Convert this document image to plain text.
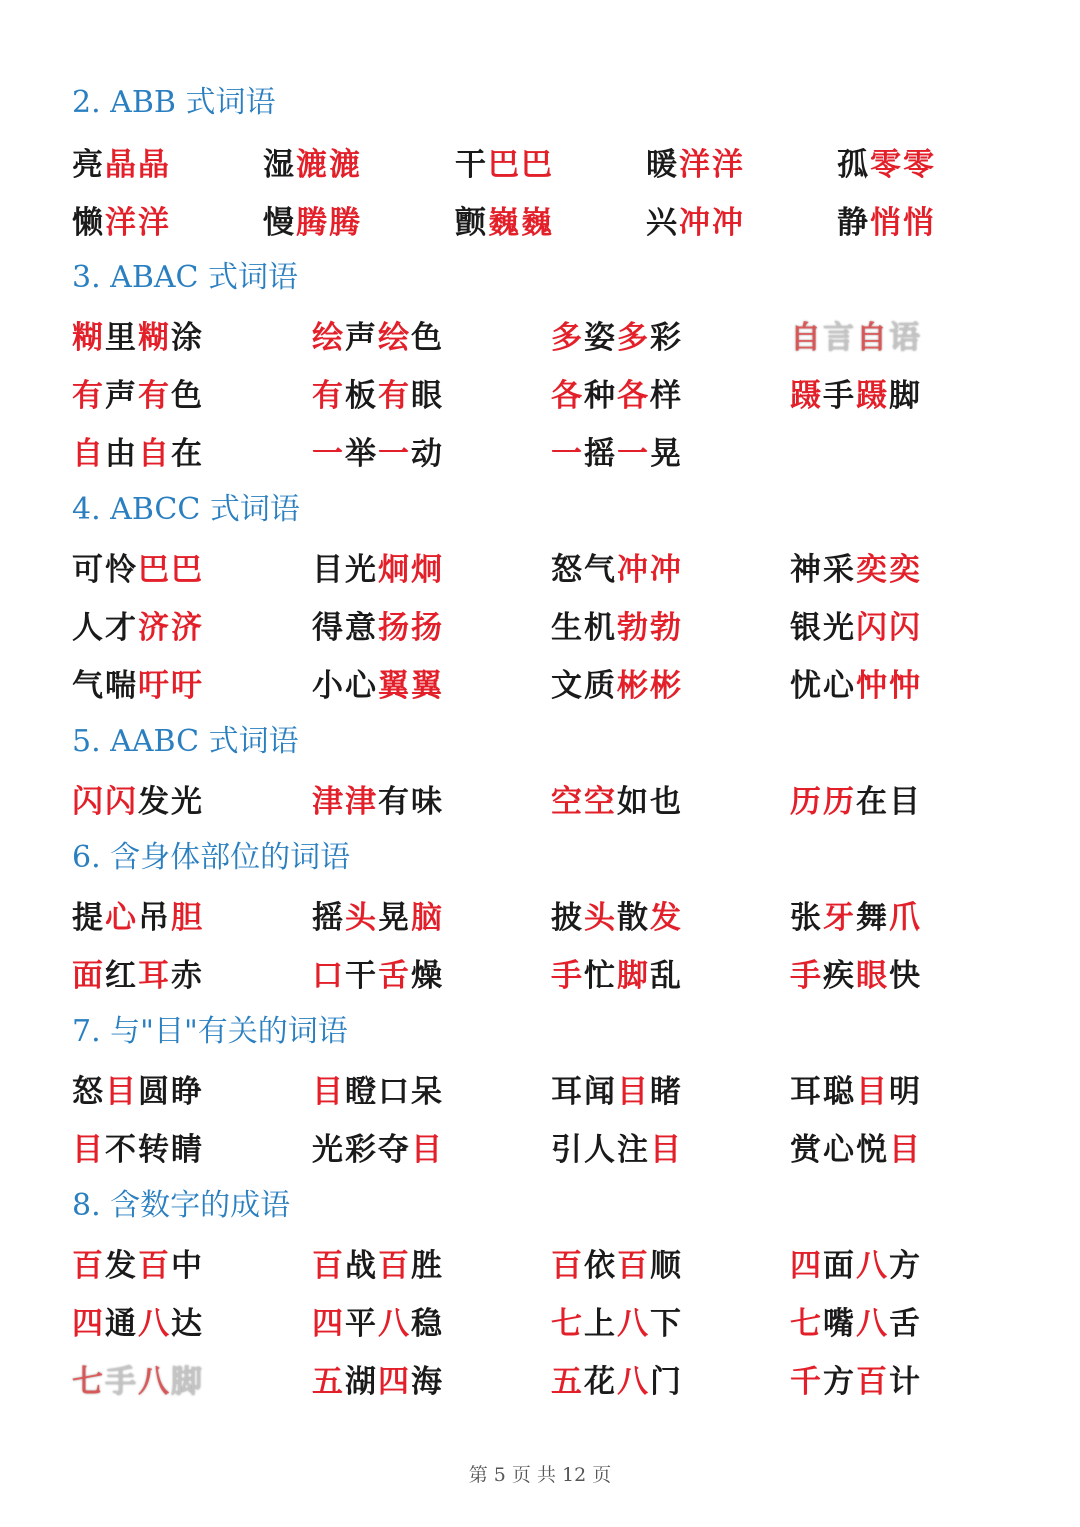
2. ABB 式词语
亮晶晶	湿漉漉	干巴巴	暖洋洋	孤零零
懒洋洋	慢腾腾	颤巍巍	兴冲冲	静悄悄
3. ABAC 式词语
糊里糊涂	绘声绘色	多姿多彩	自言自语
有声有色	有板有眼	各种各样	蹑手蹑脚
自由自在	一举一动	一摇一晃
4. ABCC 式词语
可怜巴巴	目光炯炯	怒气冲冲	神采奕奕
人才济济	得意扬扬	生机勃勃	银光闪闪
气喘吁吁	小心翼翼	文质彬彬	忧心忡忡
5. AABC 式词语
闪闪发光	津津有味	空空如也	历历在目
6. 含身体部位的词语
提心吊胆	摇头晃脑	披头散发	张牙舞爪
面红耳赤	口干舌燥	手忙脚乱	手疾眼快
7. 与"目"有关的词语
怒目圆睁	目瞪口呆	耳闻目睹	耳聪目明
目不转睛	光彩夺目	引人注目	赏心悦目
8. 含数字的成语
百发百中	百战百胜	百依百顺	四面八方
四通八达	四平八稳	七上八下	七嘴八舌
七手八脚	五湖四海	五花八门	千方百计
第 5 页 共 12 页
